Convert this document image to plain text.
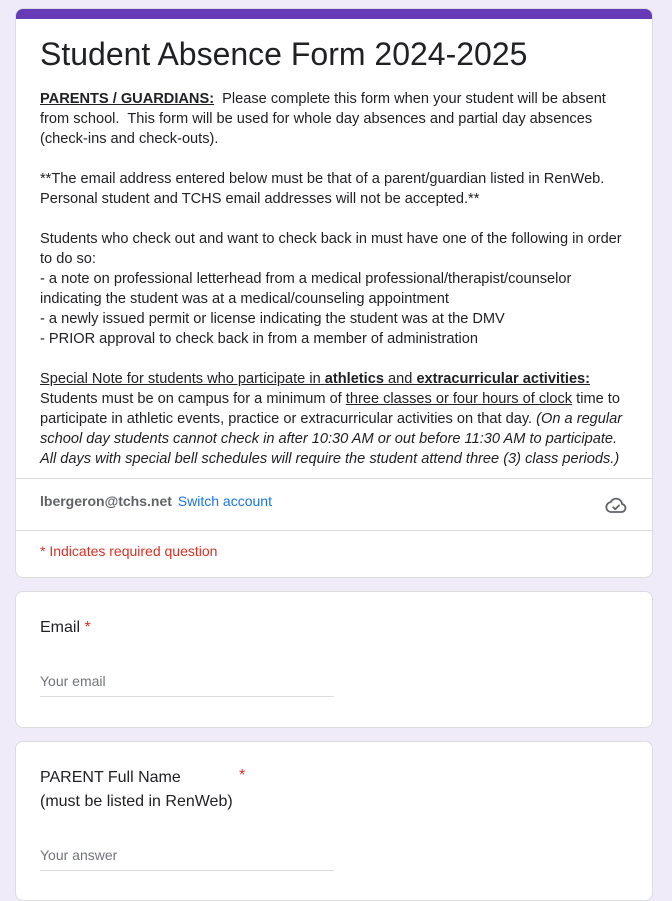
Student Absence Form 2024-2025

PARENTS / GUARDIANS:  Please complete this form when your student will be absent from school.  This form will be used for whole day absences and partial day absences (check-ins and check-outs).

**The email address entered below must be that of a parent/guardian listed in RenWeb. Personal student and TCHS email addresses will not be accepted.**

Students who check out and want to check back in must have one of the following in order to do so:

- a note on professional letterhead from a medical professional/therapist/counselor indicating the student was at a medical/counseling appointment

- a newly issued permit or license indicating the student was at the DMV

- PRIOR approval to check back in from a member of administration

Special Note for students who participate in athletics and extracurricular activities:

Students must be on campus for a minimum of three classes or four hours of clock time to participate in athletic events, practice or extracurricular activities on that day. (On a regular school day students cannot check in after 10:30 AM or out before 11:30 AM to participate. All days with special bell schedules will require the student attend three (3) class periods.)

lbergeron@tchs.net Switch account
* Indicates required question
Email *
Your email
PARENT Full Name	*

(must be listed in RenWeb)
Your answer
